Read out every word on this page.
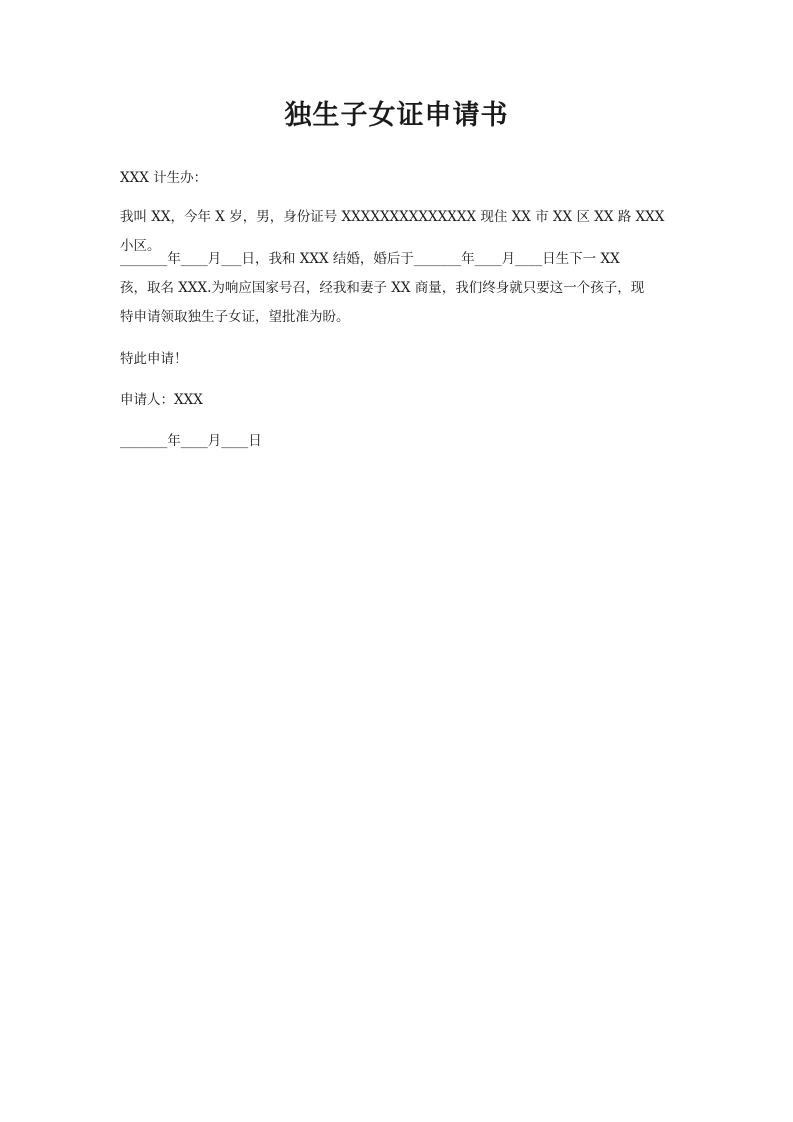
独生子女证申请书

XXX 计生办：

我叫 XX，今年 X 岁，男，身份证号 XXXXXXXXXXXXXX 现住 XX 市 XX 区 XX 路 XXX 小区。

_______年____月___日，我和 XXX 结婚，婚后于_______年____月____日生下一 XX
孩，取名 XXX.为响应国家号召，经我和妻子 XX 商量，我们终身就只要这一个孩子，现
特申请领取独生子女证，望批准为盼。

特此申请！

申请人：XXX

_______年____月____日
